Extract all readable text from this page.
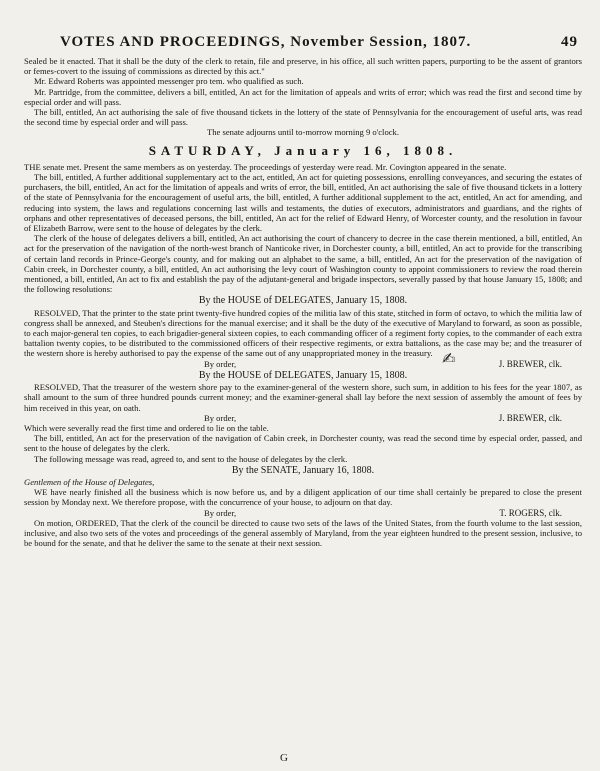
VOTES AND PROCEEDINGS, November Session, 1807.	49

Sealed be it enacted. That it shall be the duty of the clerk to retain, file and preserve, in his office, all such written papers, purporting to be the assent of grantors or femes-covert to the issuing of commissions as directed by this act."

Mr. Edward Roberts was appointed messenger pro tem. who qualified as such.

Mr. Partridge, from the committee, delivers a bill, entitled, An act for the limitation of appeals and writs of error; which was read the first and second time by especial order and will pass.

The bill, entitled, An act authorising the sale of five thousand tickets in the lottery of the state of Pennsylvania for the encouragement of useful arts, was read the second time by especial order and will pass.

The senate adjourns until to-morrow morning 9 o'clock.

SATURDAY, January 16, 1808.

THE senate met. Present the same members as on yesterday. The proceedings of yesterday were read. Mr. Covington appeared in the senate.

The bill, entitled, A further additional supplementary act to the act, entitled, An act for quieting possessions, enrolling conveyances, and securing the estates of purchasers, the bill, entitled, An act for the limitation of appeals and writs of error, the bill, entitled, An act authorising the sale of five thousand tickets in a lottery of the state of Pennsylvania for the encouragement of useful arts, the bill, entitled, A further additional supplement to the act, entitled, An act for amending, and reducing into system, the laws and regulations concerning last wills and testaments, the duties of executors, administrators and guardians, and the rights of orphans and other representatives of deceased persons, the bill, entitled, An act for the relief of Edward Henry, of Worcester county, and the resolution in favour of Elizabeth Barrow, were sent to the house of delegates by the clerk.

The clerk of the house of delegates delivers a bill, entitled, An act authorising the court of chancery to decree in the case therein mentioned, a bill, entitled, An act for the preservation of the navigation of the north-west branch of Nanticoke river, in Dorchester county, a bill, entitled, An act to provide for the transcribing of certain land records in Prince-George's county, and for making out an alphabet to the same, a bill, entitled, An act for the preservation of the navigation of Cabin creek, in Dorchester county, a bill, entitled, An act authorising the levy court of Washington county to appoint commissioners to review the road therein mentioned, a bill, entitled, An act to fix and establish the pay of the adjutant-general and brigade inspectors, severally passed by that house January 15, 1808; and the following resolutions:

By the HOUSE of DELEGATES, January 15, 1808.

RESOLVED, That the printer to the state print twenty-five hundred copies of the militia law of this state, stitched in form of octavo, to which the militia law of congress shall be annexed, and Steuben's directions for the manual exercise; and it shall be the duty of the executive of Maryland to forward, as soon as possible, to each major-general ten copies, to each brigadier-general sixteen copies, to each commanding officer of a regiment forty copies, to the commander of each extra battalion twenty copies, to be distributed to the commissioned officers of their respective regiments, or extra battalions, as the case may be; and the treasurer of the western shore is hereby authorised to pay the expense of the same out of any unappropriated money in the treasury.

By order,	J. BREWER, clk.
By the HOUSE of DELEGATES, January 15, 1808.

RESOLVED, That the treasurer of the western shore pay to the examiner-general of the western shore, such sum, in addition to his fees for the year 1807, as shall amount to the sum of three hundred pounds current money; and the examiner-general shall lay before the next session of assembly the amount of fees by him received in this year, on oath.

By order,	J. BREWER, clk.

Which were severally read the first time and ordered to lie on the table.

The bill, entitled, An act for the preservation of the navigation of Cabin creek, in Dorchester county, was read the second time by especial order, passed, and sent to the house of delegates by the clerk.

The following message was read, agreed to, and sent to the house of delegates by the clerk.

By the SENATE, January 16, 1808.

Gentlemen of the House of Delegates,

WE have nearly finished all the business which is now before us, and by a diligent application of our time shall certainly be prepared to close the present session by Monday next. We therefore propose, with the concurrence of your house, to adjourn on that day.

By order,	T. ROGERS, clk.

On motion, ORDERED, That the clerk of the council be directed to cause two sets of the laws of the United States, from the fourth volume to the last session, inclusive, and also two sets of the votes and proceedings of the general assembly of Maryland, from the year eighteen hundred to the present session, inclusive, to be bound for the senate, and that he deliver the same to the senate at their next session.

✍
G
